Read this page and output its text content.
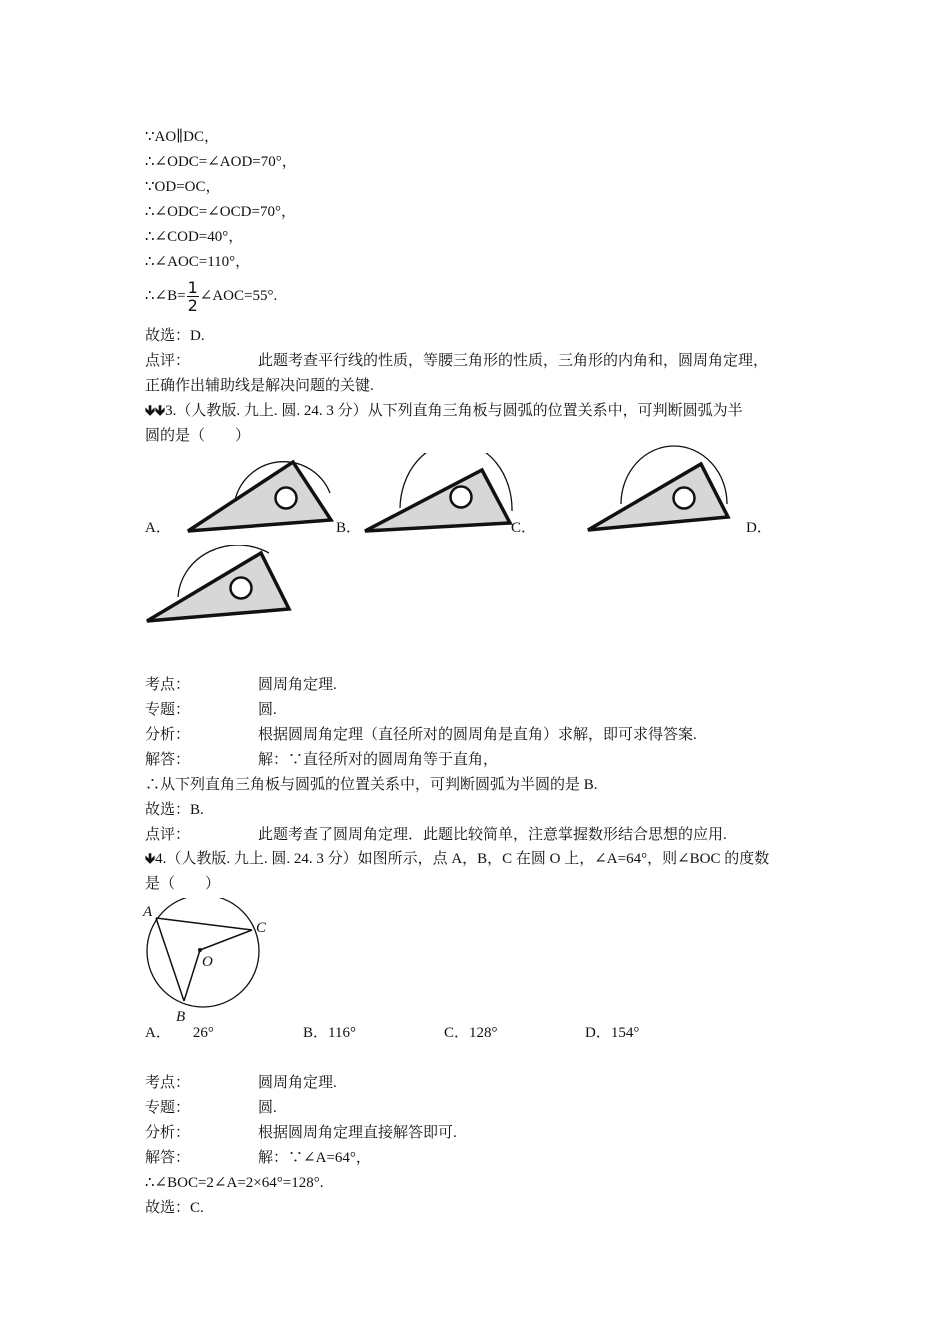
∵AO∥DC，
∴∠ODC=∠AOD=70°，
∵OD=OC，
∴∠ODC=∠OCD=70°，
∴∠COD=40°，
∴∠AOC=110°，
∴∠B= $\frac{1}{2}$ ∠AOC=55°.
故选：D.
点评：	此题考查平行线的性质，等腰三角形的性质，三角形的内角和，圆周角定理，
正确作出辅助线是解决问题的关键.
🡻🡻3.（人教版. 九上. 圆. 24. 3 分）从下列直角三角板与圆弧的位置关系中，可判断圆弧为半
圆的是（　　）
A．	B．	C．	D．
考点：	圆周角定理.
专题：	圆.
分析：	根据圆周角定理（直径所对的圆周角是直角）求解，即可求得答案.
解答：	解：∵直径所对的圆周角等于直角，
∴从下列直角三角板与圆弧的位置关系中，可判断圆弧为半圆的是 B.
故选：B.
点评：	此题考查了圆周角定理．此题比较简单，注意掌握数形结合思想的应用.
🡻4.（人教版. 九上. 圆. 24. 3 分）如图所示，点 A，B，C 在圆 O 上，∠A=64°，则∠BOC 的度数
是（　　）
A
C
O
B
A． 26°	B．116°	C．128°	D．154°
考点：	圆周角定理.
专题：	圆.
分析：	根据圆周角定理直接解答即可.
解答：	解：∵∠A=64°，
∴∠BOC=2∠A=2×64°=128°.
故选：C.
